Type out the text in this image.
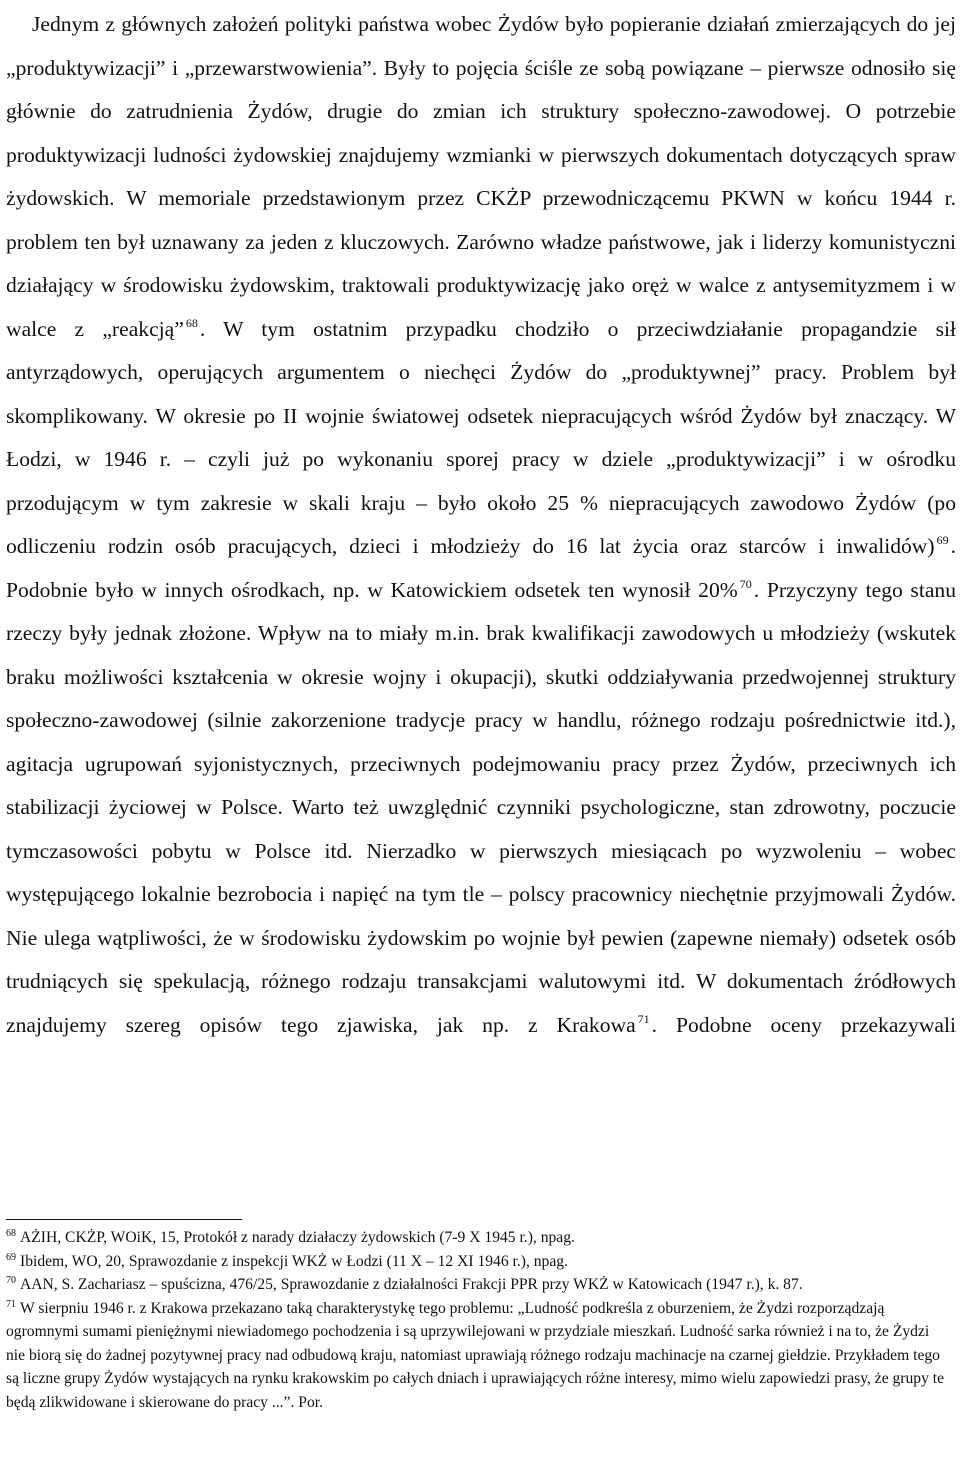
Jednym z głównych założeń polityki państwa wobec Żydów było popieranie działań zmierzających do jej „produktywizacji” i „przewarstwowienia”. Były to pojęcia ściśle ze sobą powiązane – pierwsze odnosiło się głównie do zatrudnienia Żydów, drugie do zmian ich struktury społeczno-zawodowej. O potrzebie produktywizacji ludności żydowskiej znajdujemy wzmianki w pierwszych dokumentach dotyczących spraw żydowskich. W memoriale przedstawionym przez CKŻP przewodniczącemu PKWN w końcu 1944 r. problem ten był uznawany za jeden z kluczowych. Zarówno władze państwowe, jak i liderzy komunistyczni działający w środowisku żydowskim, traktowali produktywizację jako oręż w walce z antysemityzmem i w walce z „reakcją” $^{68}$. W tym ostatnim przypadku chodziło o przeciwdziałanie propagandzie sił antyrządowych, operujących argumentem o niechęci Żydów do „produktywnej” pracy. Problem był skomplikowany. W okresie po II wojnie światowej odsetek niepracujących wśród Żydów był znaczący. W Łodzi, w 1946 r. – czyli już po wykonaniu sporej pracy w dziele „produktywizacji” i w ośrodku przodującym w tym zakresie w skali kraju – było około 25 % niepracujących zawodowo Żydów (po odliczeniu rodzin osób pracujących, dzieci i młodzieży do 16 lat życia oraz starców i inwalidów) $^{69}$. Podobnie było w innych ośrodkach, np. w Katowickiem odsetek ten wynosił 20% $^{70}$. Przyczyny tego stanu rzeczy były jednak złożone. Wpływ na to miały m.in. brak kwalifikacji zawodowych u młodzieży (wskutek braku możliwości kształcenia w okresie wojny i okupacji), skutki oddziaływania przedwojennej struktury społeczno-zawodowej (silnie zakorzenione tradycje pracy w handlu, różnego rodzaju pośrednictwie itd.), agitacja ugrupowań syjonistycznych, przeciwnych podejmowaniu pracy przez Żydów, przeciwnych ich stabilizacji życiowej w Polsce. Warto też uwzględnić czynniki psychologiczne, stan zdrowotny, poczucie tymczasowości pobytu w Polsce itd. Nierzadko w pierwszych miesiącach po wyzwoleniu – wobec występującego lokalnie bezrobocia i napięć na tym tle – polscy pracownicy niechętnie przyjmowali Żydów. Nie ulega wątpliwości, że w środowisku żydowskim po wojnie był pewien (zapewne niemały) odsetek osób trudniących się spekulacją, różnego rodzaju transakcjami walutowymi itd. W dokumentach źródłowych znajdujemy szereg opisów tego zjawiska, jak np. z Krakowa $^{71}$. Podobne oceny przekazywali

$^{68}$ AŻIH, CKŻP, WOiK, 15, Protokół z narady działaczy żydowskich (7-9 X 1945 r.), npag.

$^{69}$ Ibidem, WO, 20, Sprawozdanie z inspekcji WKŻ w Łodzi (11 X – 12 XI 1946 r.), npag.

$^{70}$ AAN, S. Zachariasz – spuścizna, 476/25, Sprawozdanie z działalności Frakcji PPR przy WKŻ w Katowicach (1947 r.), k. 87.

$^{71}$ W sierpniu 1946 r. z Krakowa przekazano taką charakterystykę tego problemu: „Ludność podkreśla z oburzeniem, że Żydzi rozporządzają ogromnymi sumami pieniężnymi niewiadomego pochodzenia i są uprzywilejowani w przydziale mieszkań. Ludność sarka również i na to, że Żydzi nie biorą się do żadnej pozytywnej pracy nad odbudową kraju, natomiast uprawiają różnego rodzaju machinacje na czarnej giełdzie. Przykładem tego są liczne grupy Żydów wystających na rynku krakowskim po całych dniach i uprawiających różne interesy, mimo wielu zapowiedzi prasy, że grupy te będą zlikwidowane i skierowane do pracy ...”. Por.
